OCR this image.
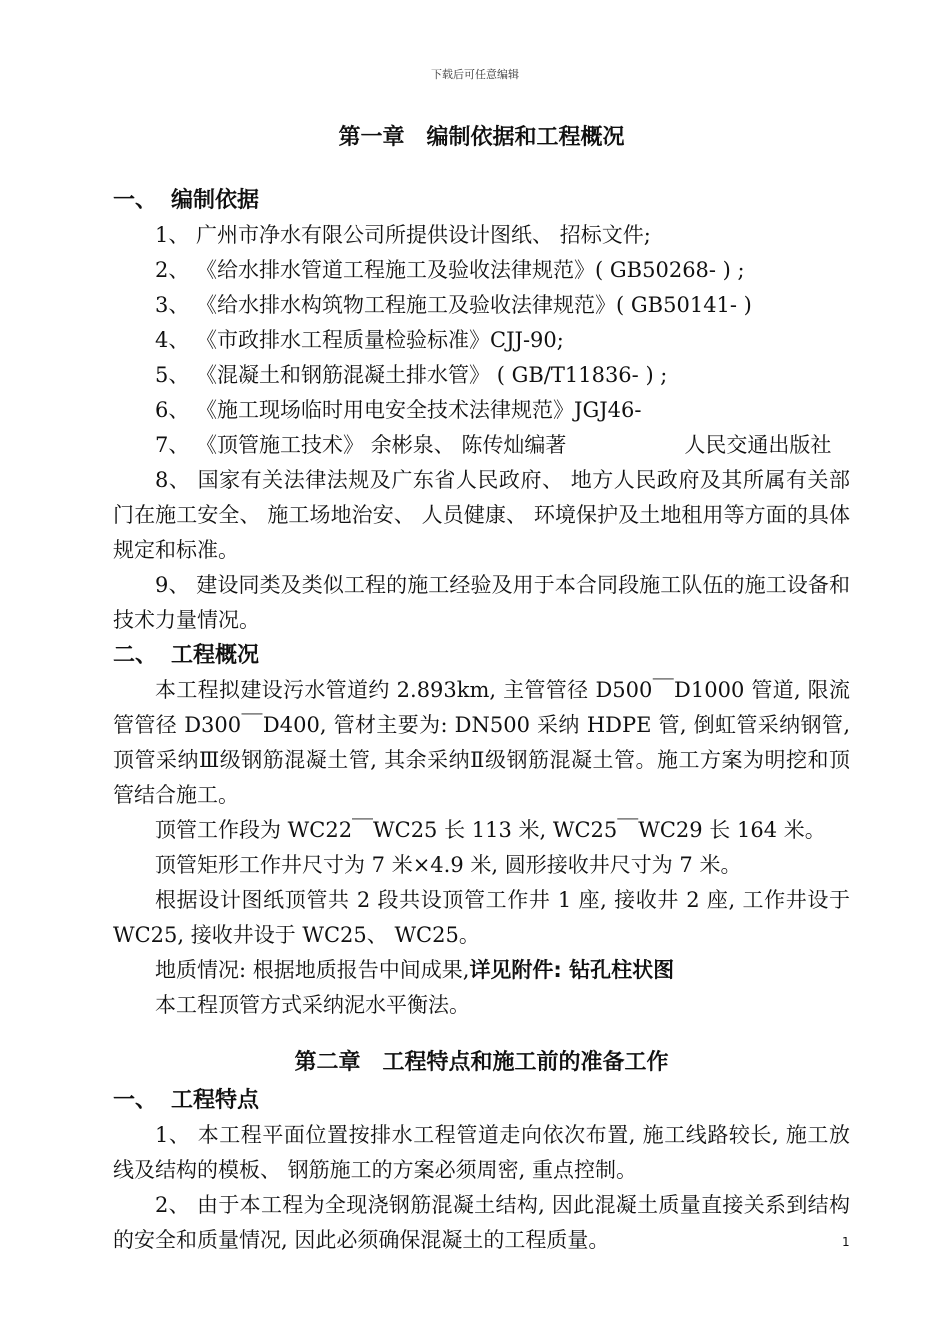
下载后可任意编辑
第一章　编制依据和工程概况
一、 编制依据

1、 广州市净水有限公司所提供设计图纸、 招标文件;

2、 《给水排水管道工程施工及验收法律规范》( GB50268- ) ;

3、 《给水排水构筑物工程施工及验收法律规范》( GB50141- )

4、 《市政排水工程质量检验标准》CJJ-90;

5、 《混凝土和钢筋混凝土排水管》 ( GB/T11836- ) ;

6、 《施工现场临时用电安全技术法律规范》JGJ46-

7、 《顶管施工技术》 余彬泉、 陈传灿编著	人民交通出版社

8、 国家有关法律法规及广东省人民政府、 地方人民政府及其所属有关部门在施工安全、 施工场地治安、 人员健康、 环境保护及土地租用等方面的具体规定和标准。

9、 建设同类及类似工程的施工经验及用于本合同段施工队伍的施工设备和技术力量情况。

二、 工程概况

本工程拟建设污水管道约 2.893km, 主管管径 D500￣D1000 管道, 限流管管径 D300￣D400, 管材主要为: DN500 采纳 HDPE 管, 倒虹管采纳钢管, 顶管采纳Ⅲ级钢筋混凝土管, 其余采纳Ⅱ级钢筋混凝土管。施工方案为明挖和顶管结合施工。

顶管工作段为 WC22￣WC25 长 113 米, WC25￣WC29 长 164 米。

顶管矩形工作井尺寸为 7 米×4.9 米, 圆形接收井尺寸为 7 米。

根据设计图纸顶管共 2 段共设顶管工作井 1 座, 接收井 2 座, 工作井设于 WC25, 接收井设于 WC25、 WC25。

地质情况: 根据地质报告中间成果,详见附件: 钻孔柱状图

本工程顶管方式采纳泥水平衡法。

第二章　工程特点和施工前的准备工作
一、 工程特点

1、 本工程平面位置按排水工程管道走向依次布置, 施工线路较长, 施工放线及结构的模板、 钢筋施工的方案必须周密, 重点控制。

2、 由于本工程为全现浇钢筋混凝土结构, 因此混凝土质量直接关系到结构的安全和质量情况, 因此必须确保混凝土的工程质量。	1
